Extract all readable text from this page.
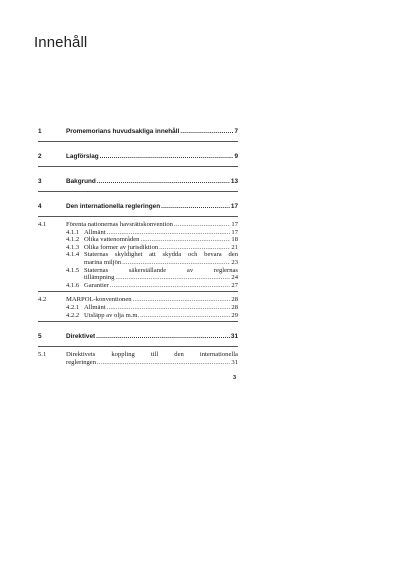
Innehåll
1	Promemorians huvudsakliga innehåll .....	7
2	Lagförslag .....	9
3	Bakgrund .....	13
4	Den internationella regleringen .....	17
4.1	Förenta nationernas havsrättskonvention .....	17
4.1.1 Allmänt .....	17
4.1.2 Olika vattenområden .....	18
4.1.3 Olika former av jurisdiktion .....	21
4.1.4 Staternas skyldighet att skydda och bevara den
marina miljön .....	23
4.1.5 Staternas säkerställande av reglernas
tillämpning .....	24
4.1.6 Garantier .....	27
4.2	MARPOL-konventionen .....	28
4.2.1 Allmänt .....	28
4.2.2 Utsläpp av olja m.m. .....	29
5	Direktivet .....	31
5.1	Direktivets koppling till den internationella
regleringen .....	31
3
